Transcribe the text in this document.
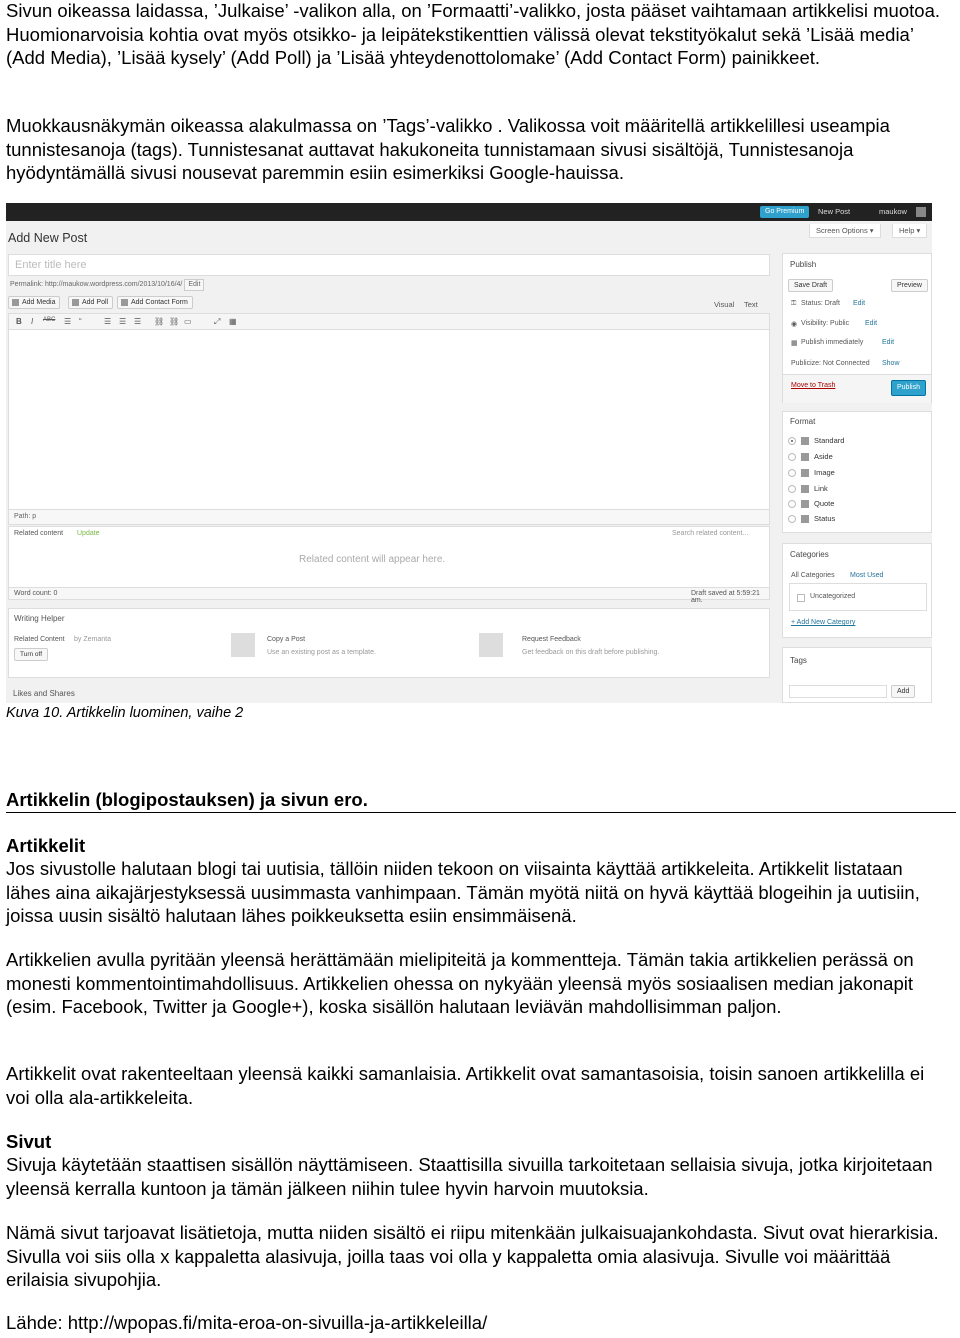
Sivun oikeassa laidassa, ’Julkaise’ -valikon alla, on ’Formaatti’-valikko, josta pääset vaihtamaan artikkelisi muotoa. Huomionarvoisia kohtia ovat myös otsikko- ja leipätekstikenttien välissä olevat tekstityökalut sekä ’Lisää media’ (Add Media), ’Lisää kysely’ (Add Poll) ja ’Lisää yhteydenottolomake’ (Add Contact Form) painikkeet.

Muokkausnäkymän oikeassa alakulmassa on ’Tags’-valikko . Valikossa voit määritellä artikkelillesi useampia tunnistesanoja (tags). Tunnistesanat auttavat hakukoneita tunnistamaan sivusi sisältöjä, Tunnistesanoja hyödyntämällä sivusi nousevat paremmin esiin esimerkiksi Google-hauissa.

Go Premium	New Post	maukow
Screen Options ▾	Help ▾
Add New Post
Enter title here
Permalink: http://maukow.wordpress.com/2013/10/16/4/ Edit
Add Media	Add Poll	Add Contact Form	Visual Text
B I ABC ☰ “	☰ ☰ ☰ ⛓ ⛓ ▭	⤢ ▦
Path: p
Related content Update	Search related content...
Related content will appear here.
Word count: 0	Draft saved at 5:59:21 am.
Writing Helper
Related Content by Zemanta
Turn off
Copy a Post
Use an existing post as a template.
Request Feedback
Get feedback on this draft before publishing.
Likes and Shares
Publish
Save Draft	Preview
⚿ Status: Draft Edit
◉ Visibility: Public Edit
▦ Publish immediately	Edit
Publicize: Not Connected Show
Move to Trash	Publish
Format
Standard
Aside
Image
Link
Quote
Status
Categories
All Categories Most Used
Uncategorized
+ Add New Category
Tags
Add

Kuva 10. Artikkelin luominen, vaihe 2

Artikkelin (blogipostauksen) ja sivun ero.

Artikkelit

Jos sivustolle halutaan blogi tai uutisia, tällöin niiden tekoon on viisainta käyttää artikkeleita. Artikkelit listataan lähes aina aikajärjestyksessä uusimmasta vanhimpaan. Tämän myötä niitä on hyvä käyttää blogeihin ja uutisiin, joissa uusin sisältö halutaan lähes poikkeuksetta esiin ensimmäisenä.

Artikkelien avulla pyritään yleensä herättämään mielipiteitä ja kommentteja. Tämän takia artikkelien perässä on monesti kommentointimahdollisuus. Artikkelien ohessa on nykyään yleensä myös sosiaalisen median jakonapit (esim. Facebook, Twitter ja Google+), koska sisällön halutaan leviävän mahdollisimman paljon.

Artikkelit ovat rakenteeltaan yleensä kaikki samanlaisia. Artikkelit ovat samantasoisia, toisin sanoen artikkelilla ei voi olla ala-artikkeleita.

Sivut

Sivuja käytetään staattisen sisällön näyttämiseen. Staattisilla sivuilla tarkoitetaan sellaisia sivuja, jotka kirjoitetaan yleensä kerralla kuntoon ja tämän jälkeen niihin tulee hyvin harvoin muutoksia.

Nämä sivut tarjoavat lisätietoja, mutta niiden sisältö ei riipu mitenkään julkaisuajankohdasta. Sivut ovat hierarkisia. Sivulla voi siis olla x kappaletta alasivuja, joilla taas voi olla y kappaletta omia alasivuja. Sivulle voi määrittää erilaisia sivupohjia.

Lähde: http://wpopas.fi/mita-eroa-on-sivuilla-ja-artikkeleilla/
